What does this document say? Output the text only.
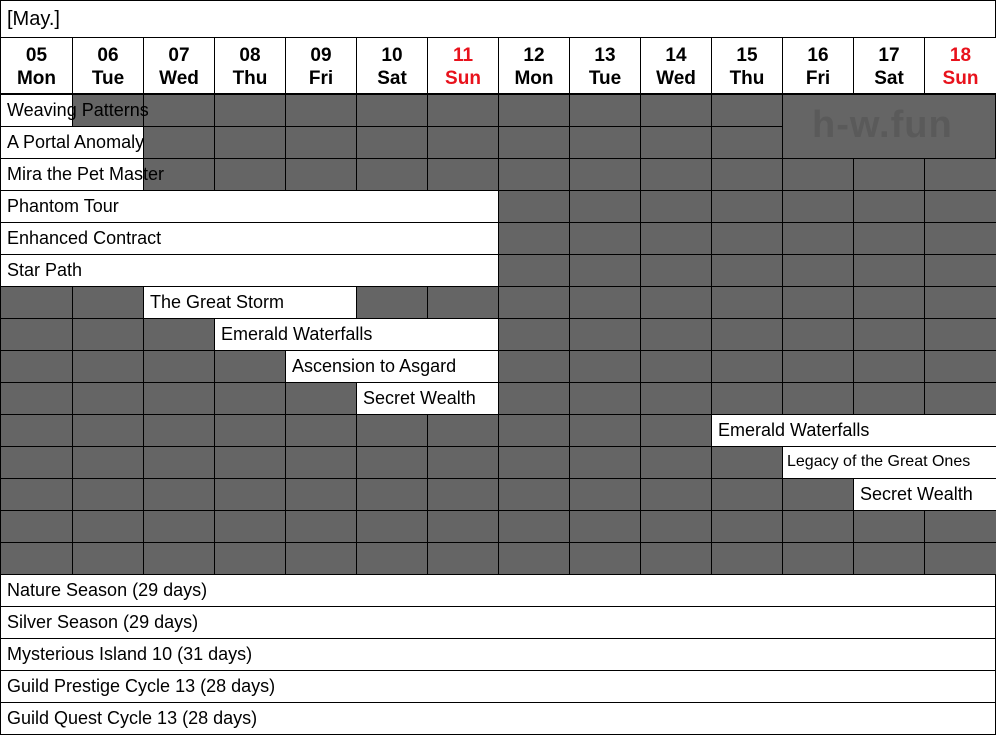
[May.]
05
Mon
06
Tue
07
Wed
08
Thu
09
Fri
10
Sat
11
Sun
12
Mon
13
Tue
14
Wed
15
Thu
16
Fri
17
Sat
18
Sun
Weaving Patterns
A Portal Anomaly
Mira the Pet Master
Phantom Tour
Enhanced Contract
Star Path
The Great Storm
Emerald Waterfalls
Ascension to Asgard
Secret Wealth
Emerald Waterfalls
Legacy of the Great Ones
Secret Wealth
h-w.fun
Nature Season (29 days)
Silver Season (29 days)
Mysterious Island 10 (31 days)
Guild Prestige Cycle 13 (28 days)
Guild Quest Cycle 13 (28 days)
